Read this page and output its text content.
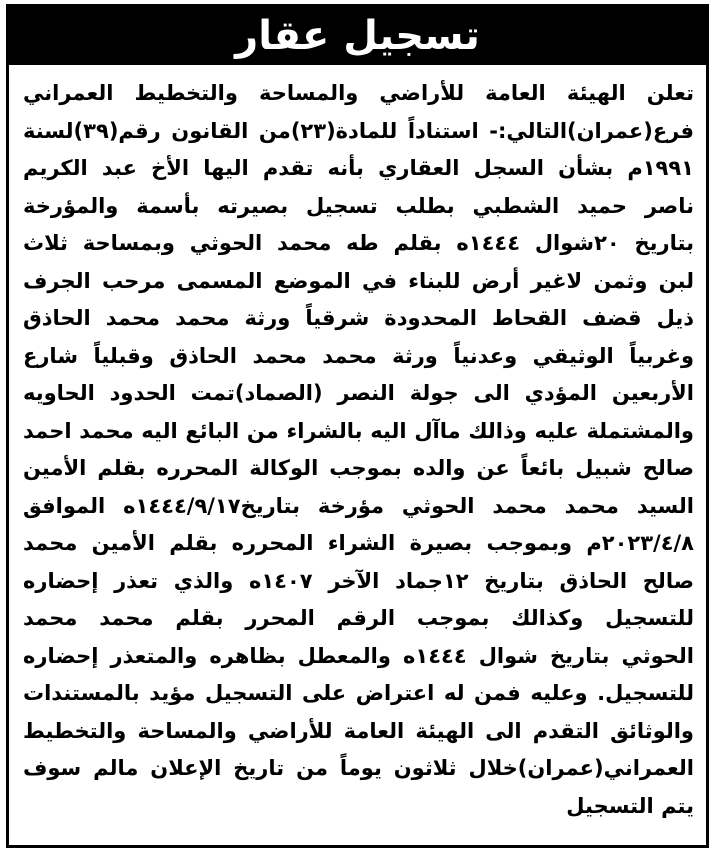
تسجيل عقار
تعلن الهيئة العامة للأراضي والمساحة والتخطيط العمراني
فرع(عمران)التالي:- استناداً للمادة(٢٣)من القانون رقم(٣٩)لسنة
١٩٩١م بشأن السجل العقاري بأنه تقدم اليها الأخ عبد الكريم
ناصر حميد الشطبي بطلب تسجيل بصيرته بأسمة والمؤرخة
بتاريخ ٢٠شوال ١٤٤٤ه بقلم طه محمد الحوثي وبمساحة ثلاث
لبن وثمن لاغير أرض للبناء في الموضع المسمى مرحب الجرف
ذيل قضف القحاط المحدودة شرقياً ورثة محمد محمد الحاذق
وغربياً الوثيقي وعدنياً ورثة محمد محمد الحاذق وقبلياً شارع
الأربعين المؤدي الى جولة النصر (الصماد)تمت الحدود الحاويه
والمشتملة عليه وذالك ماآل اليه بالشراء من البائع اليه محمد احمد
صالح شبيل بائعاً عن والده بموجب الوكالة المحرره بقلم الأمين
السيد محمد محمد الحوثي مؤرخة بتاريخ١٤٤٤/٩/١٧ه الموافق
٢٠٢٣/٤/٨م وبموجب بصيرة الشراء المحرره بقلم الأمين محمد
صالح الحاذق بتاريخ ١٢جماد الآخر ١٤٠٧ه والذي تعذر إحضاره
للتسجيل وكذالك بموجب الرقم المحرر بقلم محمد محمد
الحوثي بتاريخ شوال ١٤٤٤ه والمعطل بظاهره والمتعذر إحضاره
للتسجيل. وعليه فمن له اعتراض على التسجيل مؤيد بالمستندات
والوثائق التقدم الى الهيئة العامة للأراضي والمساحة والتخطيط
العمراني(عمران)خلال ثلاثون يوماً من تاريخ الإعلان مالم سوف
يتم التسجيل
